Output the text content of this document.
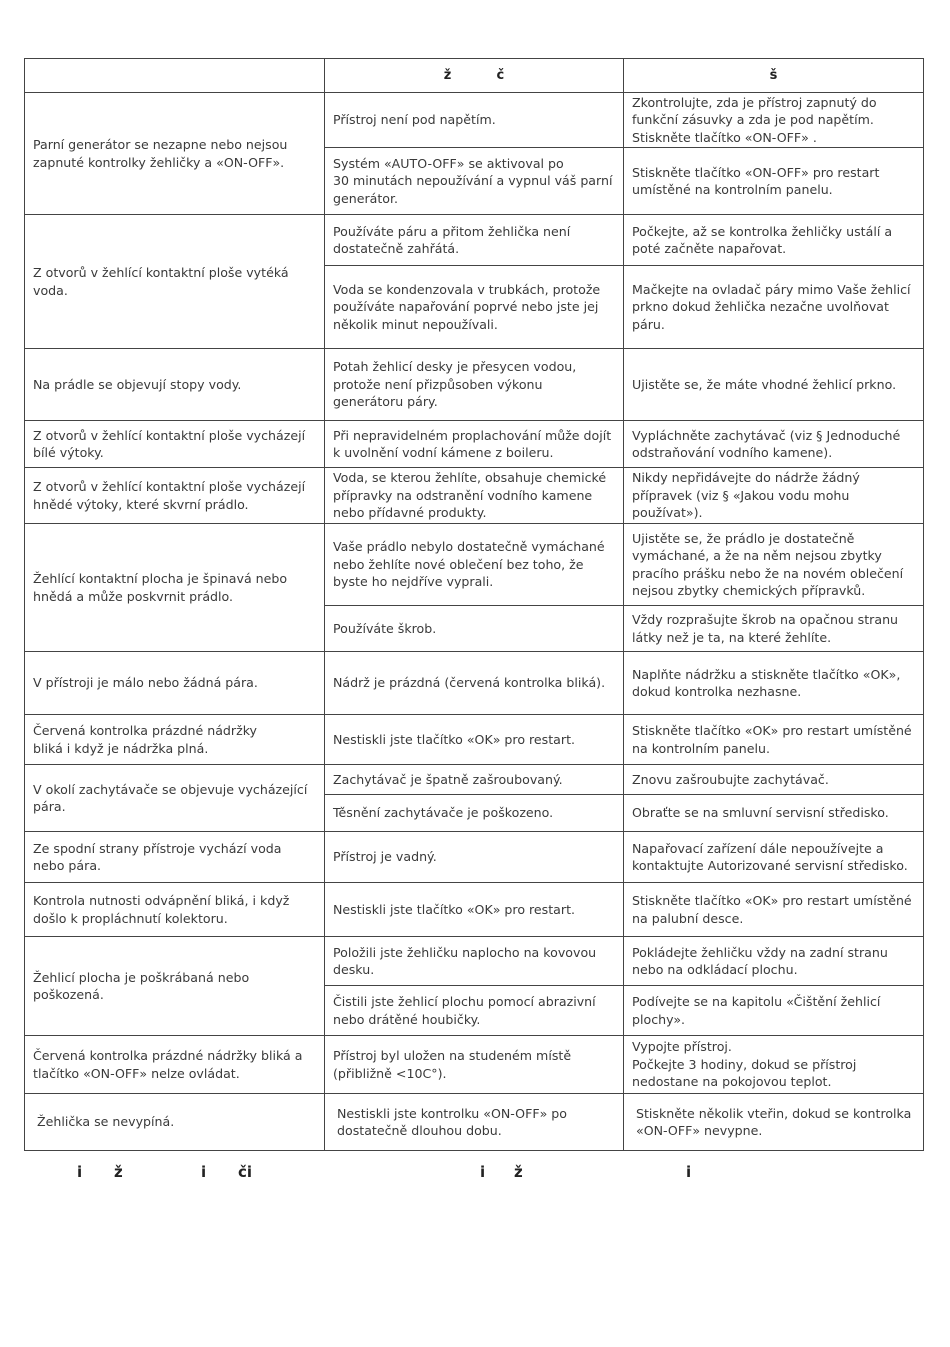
	ž          č	š
Parní generátor se nezapne nebo nejsou zapnuté kontrolky žehličky a «ON-OFF».	Přístroj není pod napětím.	Zkontrolujte, zda je přístroj zapnutý do funkční zásuvky a zda je pod napětím. Stiskněte tlačítko «ON-OFF» .
	Systém «AUTO-OFF» se aktivoval po
30 minutách nepoužívání a vypnul váš parní generátor.	Stiskněte tlačítko «ON-OFF» pro restart umístěné na kontrolním panelu.
Z otvorů v žehlící kontaktní ploše vytéká voda.	Používáte páru a přitom žehlička není dostatečně zahřátá.	Počkejte, až se kontrolka žehličky ustálí a poté začněte napařovat.
	Voda se kondenzovala v trubkách, protože používáte napařování poprvé nebo jste jej několik minut nepoužívali.	Mačkejte na ovladač páry mimo Vaše žehlicí prkno dokud žehlička nezačne uvolňovat páru.
Na prádle se objevují stopy vody.	Potah žehlicí desky je přesycen vodou, protože není přizpůsoben výkonu generátoru páry.	Ujistěte se, že máte vhodné žehlicí prkno.
Z otvorů v žehlící kontaktní ploše vycházejí bílé výtoky.	Při nepravidelném proplachování může dojít k uvolnění vodní kámene z boileru.	Vypláchněte zachytávač (viz § Jednoduché odstraňování vodního kamene).
Z otvorů v žehlící kontaktní ploše vycházejí hnědé výtoky, které skvrní prádlo.	Voda, se kterou žehlíte, obsahuje chemické přípravky na odstranění vodního kamene nebo přídavné produkty.	Nikdy nepřidávejte do nádrže žádný přípravek (viz § «Jakou vodu mohu používat»).
Žehlící kontaktní plocha je špinavá nebo hnědá a může poskvrnit prádlo.	Vaše prádlo nebylo dostatečně vymáchané nebo žehlíte nové oblečení bez toho, že byste ho nejdříve vyprali.	Ujistěte se, že prádlo je dostatečně vymáchané, a že na něm nejsou zbytky pracího prášku nebo že na novém oblečení nejsou zbytky chemických přípravků.
	Používáte škrob.	Vždy rozprašujte škrob na opačnou stranu látky než je ta, na které žehlíte.
V přístroji je málo nebo žádná pára.	Nádrž je prázdná (červená kontrolka bliká).	Naplňte nádržku a stiskněte tlačítko «OK», dokud kontrolka nezhasne.
Červená kontrolka prázdné nádržky
bliká i když je nádržka plná.	Nestiskli jste tlačítko «OK» pro restart.	Stiskněte tlačítko «OK» pro restart umístěné na kontrolním panelu.
V okolí zachytávače se objevuje vycházející pára.	Zachytávač je špatně zašroubovaný.	Znovu zašroubujte zachytávač.
	Těsnění zachytávače je poškozeno.	Obraťte se na smluvní servisní středisko.
Ze spodní strany přístroje vychází voda nebo pára.	Přístroj je vadný.	Napařovací zařízení dále nepoužívejte a kontaktujte Autorizované servisní středisko.
Kontrola nutnosti odvápnění bliká, i když došlo k propláchnutí kolektoru.	Nestiskli jste tlačítko «OK» pro restart.	Stiskněte tlačítko «OK» pro restart umístěné na palubní desce.
Žehlicí plocha je poškrábaná nebo poškozená.	Položili jste žehličku naplocho na kovovou desku.	Pokládejte žehličku vždy na zadní stranu nebo na odkládací plochu.
	Čistili jste žehlicí plochu pomocí abrazivní nebo drátěné houbičky.	Podívejte se na kapitolu «Čištění žehlicí plochy».
Červená kontrolka prázdné nádržky bliká a tlačítko «ON-OFF» nelze ovládat.	Přístroj byl uložen na studeném místě (přibližně <10C°).	Vypojte přístroj.
Počkejte 3 hodiny, dokud se přístroj nedostane na pokojovou teplot.
Žehlička se nevypíná.	Nestiskli jste kontrolku «ON-OFF» po dostatečně dlouhou dobu.	Stiskněte několik vteřin, dokud se kontrolka «ON-OFF» nevypne.
i ž	i či	i ž	i
